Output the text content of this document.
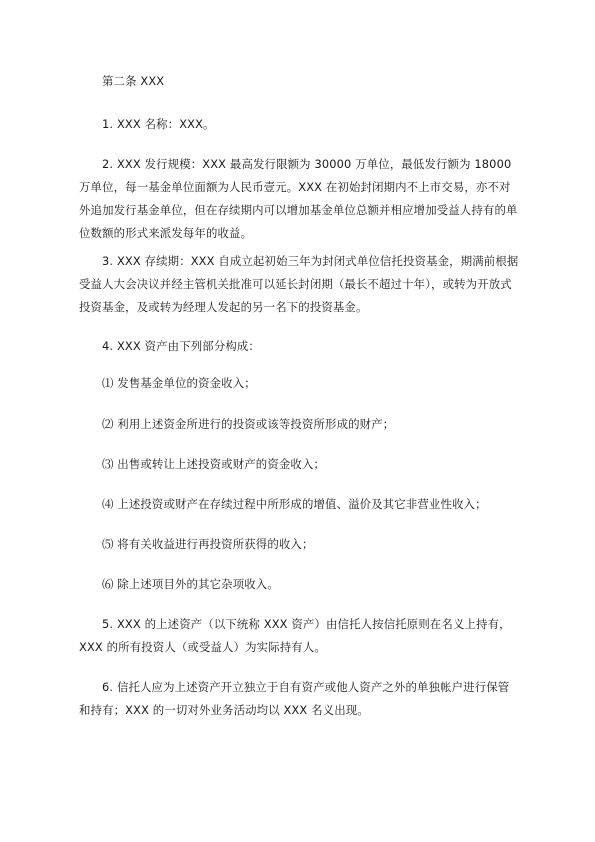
第二条 XXX

1. XXX 名称：XXX。

2. XXX 发行规模：XXX 最高发行限额为 30000 万单位，最低发行额为 18000 万单位，每一基金单位面额为人民币壹元。XXX 在初始封闭期内不上市交易，亦不对外追加发行基金单位，但在存续期内可以增加基金单位总额并相应增加受益人持有的单位数额的形式来派发每年的收益。

3. XXX 存续期：XXX 自成立起初始三年为封闭式单位信托投资基金，期满前根据受益人大会决议并经主管机关批准可以延长封闭期（最长不超过十年），或转为开放式投资基金，及或转为经理人发起的另一名下的投资基金。

4. XXX 资产由下列部分构成：

⑴ 发售基金单位的资金收入；

⑵ 利用上述资金所进行的投资或该等投资所形成的财产；

⑶ 出售或转让上述投资或财产的资金收入；

⑷ 上述投资或财产在存续过程中所形成的增值、溢价及其它非营业性收入；

⑸ 将有关收益进行再投资所获得的收入；

⑹ 除上述项目外的其它杂项收入。

5. XXX 的上述资产（以下统称 XXX 资产）由信托人按信托原则在名义上持有，XXX 的所有投资人（或受益人）为实际持有人。

6. 信托人应为上述资产开立独立于自有资产或他人资产之外的单独帐户进行保管和持有；XXX 的一切对外业务活动均以 XXX 名义出现。
